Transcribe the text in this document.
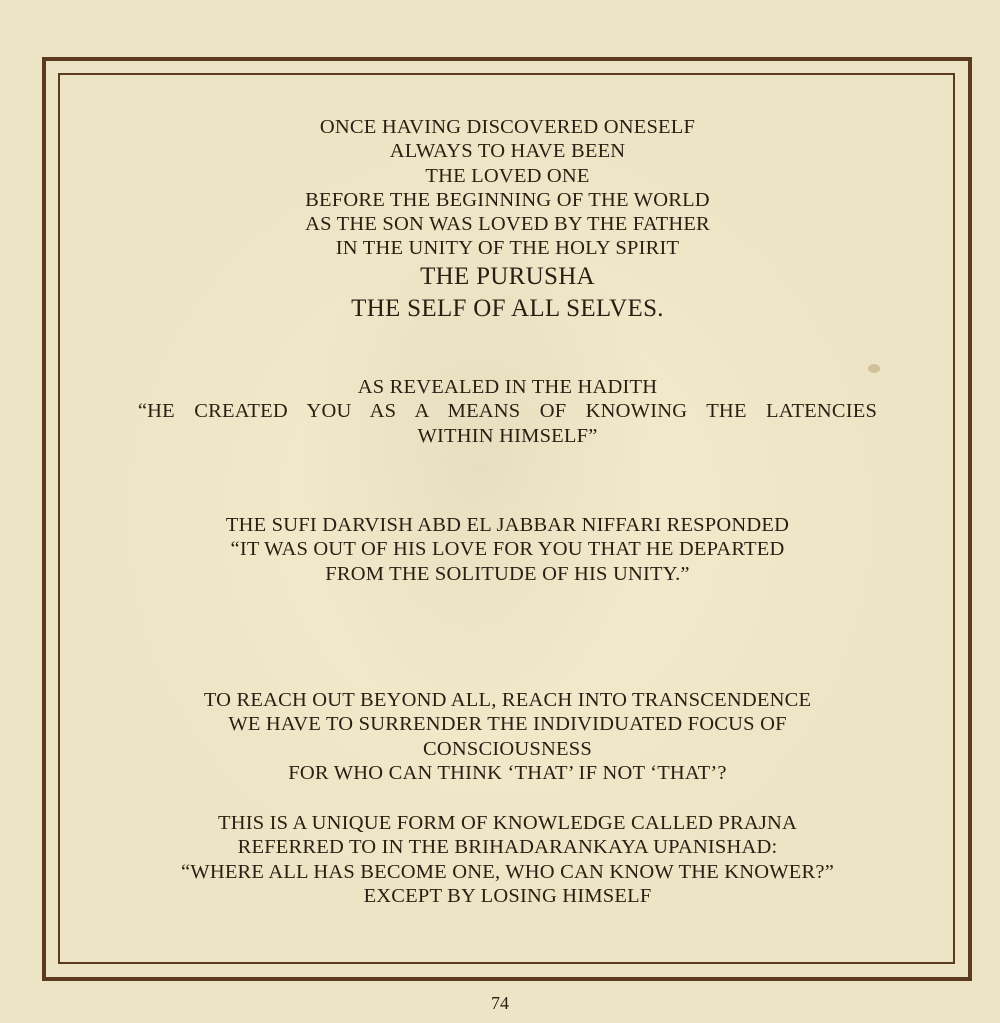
ONCE HAVING DISCOVERED ONESELF
ALWAYS TO HAVE BEEN
THE LOVED ONE
BEFORE THE BEGINNING OF THE WORLD
AS THE SON WAS LOVED BY THE FATHER
IN THE UNITY OF THE HOLY SPIRIT
THE PURUSHA
THE SELF OF ALL SELVES.
AS REVEALED IN THE HADITH
“HE CREATED YOU AS A MEANS OF KNOWING THE LATENCIES
WITHIN HIMSELF”
THE SUFI DARVISH ABD EL JABBAR NIFFARI RESPONDED
“IT WAS OUT OF HIS LOVE FOR YOU THAT HE DEPARTED
FROM THE SOLITUDE OF HIS UNITY.”
TO REACH OUT BEYOND ALL, REACH INTO TRANSCENDENCE
WE HAVE TO SURRENDER THE INDIVIDUATED FOCUS OF
CONSCIOUSNESS
FOR WHO CAN THINK ‘THAT’ IF NOT ‘THAT’?
THIS IS A UNIQUE FORM OF KNOWLEDGE CALLED PRAJNA
REFERRED TO IN THE BRIHADARANKAYA UPANISHAD:
“WHERE ALL HAS BECOME ONE, WHO CAN KNOW THE KNOWER?”
EXCEPT BY LOSING HIMSELF
74
